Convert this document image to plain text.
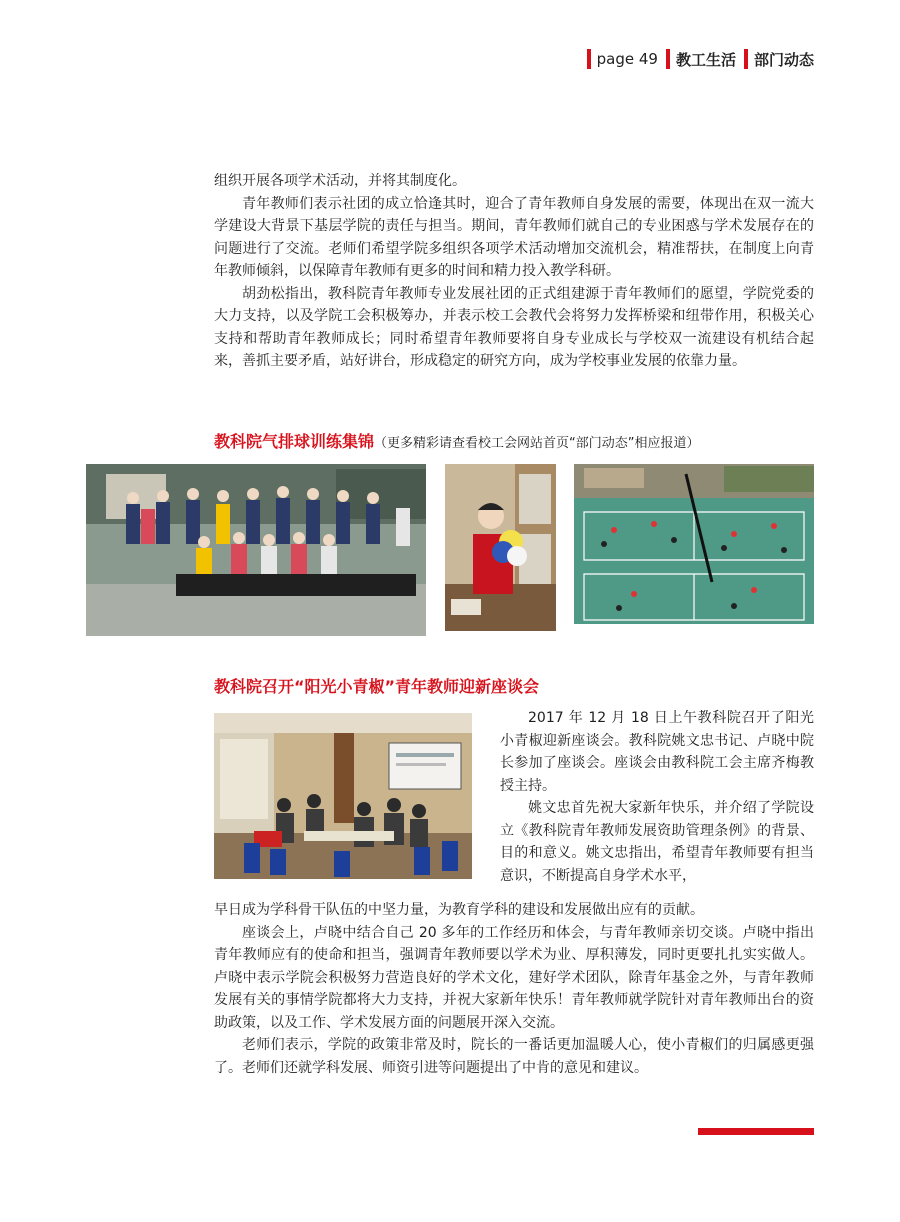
page 49 教工生活 部门动态

组织开展各项学术活动，并将其制度化。

青年教师们表示社团的成立恰逢其时，迎合了青年教师自身发展的需要，体现出在双一流大学建设大背景下基层学院的责任与担当。期间，青年教师们就自己的专业困惑与学术发展存在的问题进行了交流。老师们希望学院多组织各项学术活动增加交流机会，精准帮扶，在制度上向青年教师倾斜，以保障青年教师有更多的时间和精力投入教学科研。

胡劲松指出，教科院青年教师专业发展社团的正式组建源于青年教师们的愿望，学院党委的大力支持，以及学院工会积极筹办，并表示校工会教代会将努力发挥桥梁和纽带作用，积极关心支持和帮助青年教师成长；同时希望青年教师要将自身专业成长与学校双一流建设有机结合起来，善抓主要矛盾，站好讲台，形成稳定的研究方向，成为学校事业发展的依靠力量。

教科院气排球训练集锦（更多精彩请查看校工会网站首页“部门动态”相应报道）
教科院召开“阳光小青椒”青年教师迎新座谈会

2017 年 12 月 18 日上午教科院召开了阳光小青椒迎新座谈会。教科院姚文忠书记、卢晓中院长参加了座谈会。座谈会由教科院工会主席齐梅教授主持。

姚文忠首先祝大家新年快乐，并介绍了学院设立《教科院青年教师发展资助管理条例》的背景、目的和意义。姚文忠指出，希望青年教师要有担当意识，不断提高自身学术水平，

早日成为学科骨干队伍的中坚力量，为教育学科的建设和发展做出应有的贡献。

座谈会上，卢晓中结合自己 20 多年的工作经历和体会，与青年教师亲切交谈。卢晓中指出青年教师应有的使命和担当，强调青年教师要以学术为业、厚积薄发，同时更要扎扎实实做人。卢晓中表示学院会积极努力营造良好的学术文化，建好学术团队，除青年基金之外，与青年教师发展有关的事情学院都将大力支持，并祝大家新年快乐！青年教师就学院针对青年教师出台的资助政策，以及工作、学术发展方面的问题展开深入交流。

老师们表示，学院的政策非常及时，院长的一番话更加温暖人心，使小青椒们的归属感更强了。老师们还就学科发展、师资引进等问题提出了中肯的意见和建议。
